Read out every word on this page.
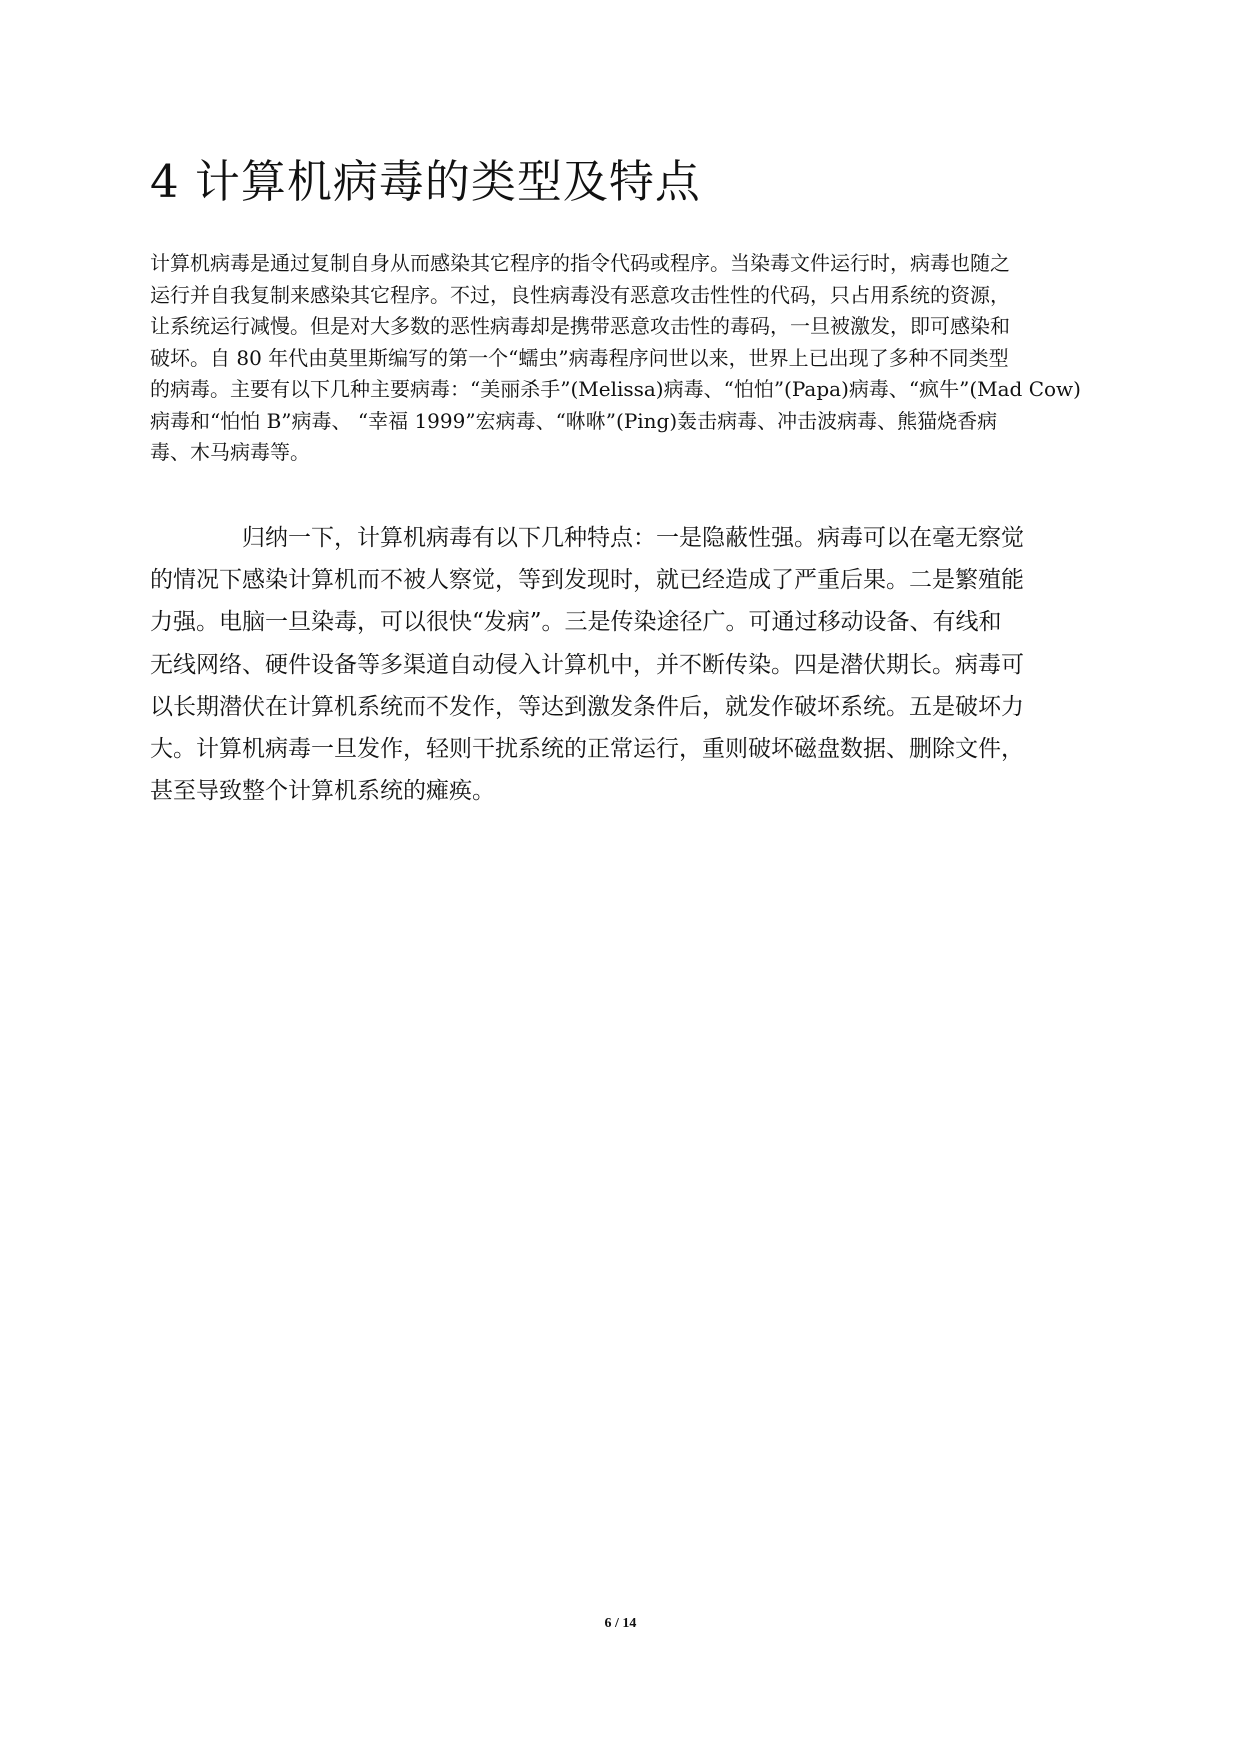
4 计算机病毒的类型及特点

计算机病毒是通过复制自身从而感染其它程序的指令代码或程序。当染毒文件运行时，病毒也随之
运行并自我复制来感染其它程序。不过，良性病毒没有恶意攻击性性的代码，只占用系统的资源，
让系统运行减慢。但是对大多数的恶性病毒却是携带恶意攻击性的毒码，一旦被激发，即可感染和
破坏。自 80 年代由莫里斯编写的第一个“蠕虫”病毒程序问世以来，世界上已出现了多种不同类型
的病毒。主要有以下几种主要病毒：“美丽杀手”(Melissa)病毒、“怕怕”(Papa)病毒、“疯牛”(Mad Cow)
病毒和“怕怕 B”病毒、 “幸福 1999”宏病毒、“咻咻”(Ping)轰击病毒、冲击波病毒、熊猫烧香病
毒、木马病毒等。

归纳一下，计算机病毒有以下几种特点：一是隐蔽性强。病毒可以在毫无察觉
的情况下感染计算机而不被人察觉，等到发现时，就已经造成了严重后果。二是繁殖能
力强。电脑一旦染毒，可以很快“发病”。三是传染途径广。可通过移动设备、有线和
无线网络、硬件设备等多渠道自动侵入计算机中，并不断传染。四是潜伏期长。病毒可
以长期潜伏在计算机系统而不发作，等达到激发条件后，就发作破坏系统。五是破坏力
大。计算机病毒一旦发作，轻则干扰系统的正常运行，重则破坏磁盘数据、删除文件，
甚至导致整个计算机系统的瘫痪。

6 / 14
